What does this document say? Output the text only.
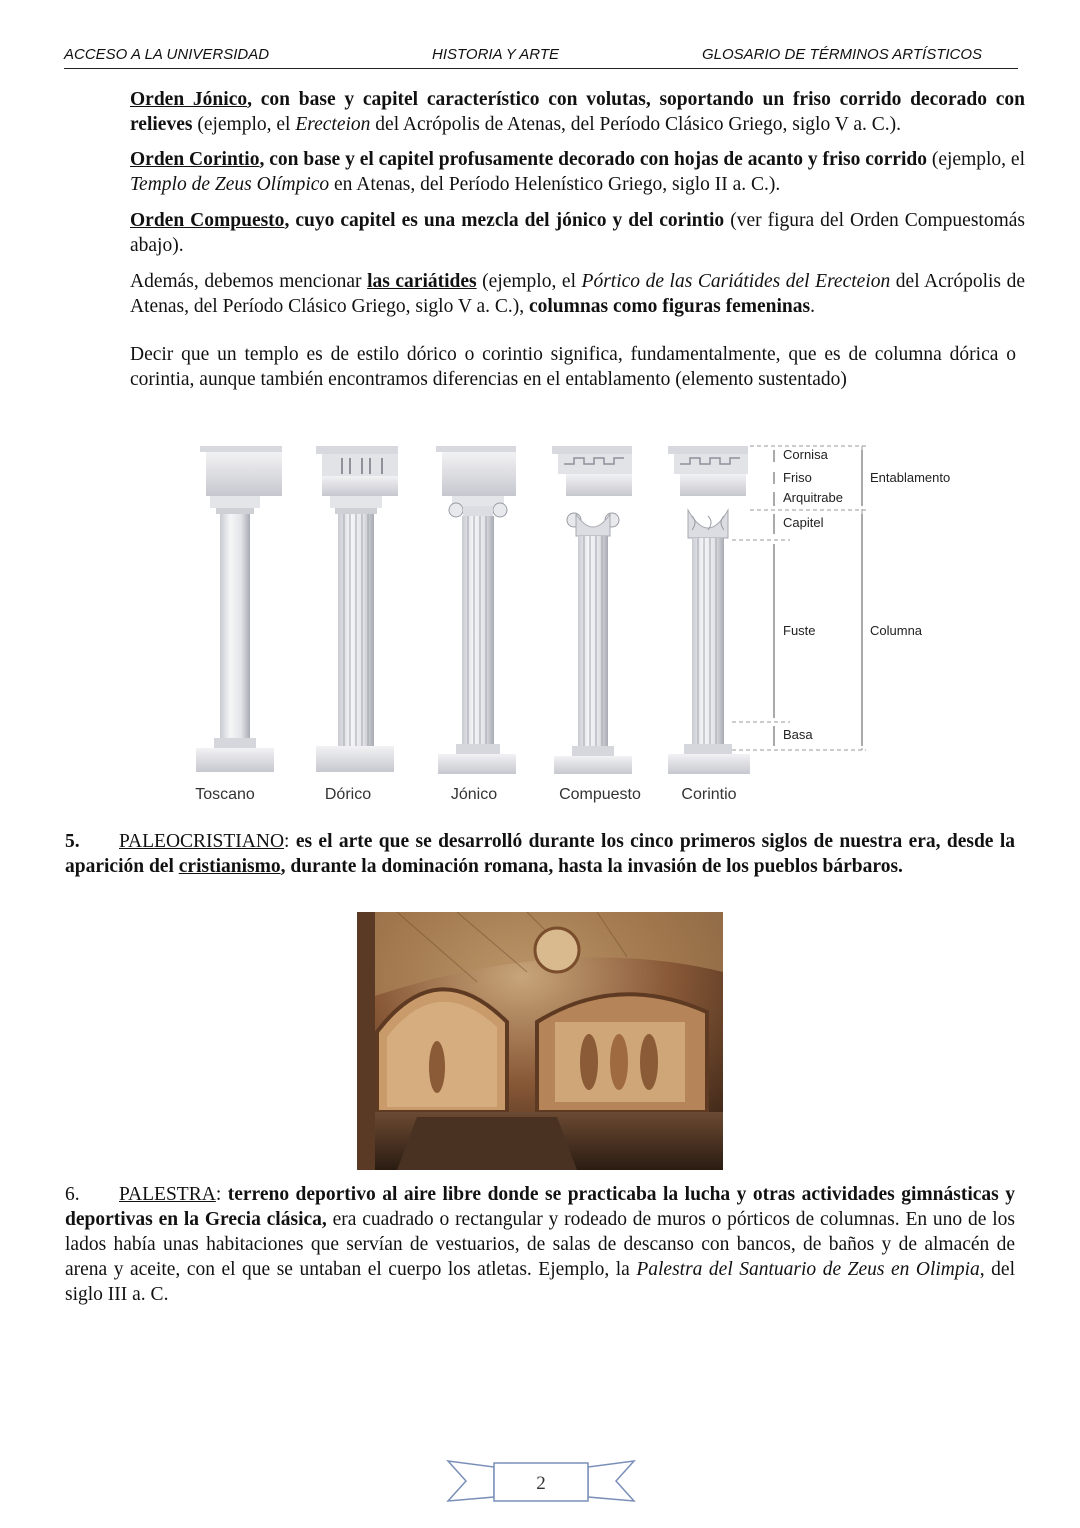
ACCESO A LA UNIVERSIDAD	HISTORIA Y ARTE	GLOSARIO DE TÉRMINOS ARTÍSTICOS
Orden Jónico, con base y capitel característico con volutas, soportando un friso corrido decorado con relieves (ejemplo, el Erecteion del Acrópolis de Atenas, del Período Clásico Griego, siglo V a. C.).
Orden Corintio, con base y el capitel profusamente decorado con hojas de acanto y friso corrido (ejemplo, el Templo de Zeus Olímpico en Atenas, del Período Helenístico Griego, siglo II a. C.).
Orden Compuesto, cuyo capitel es una mezcla del jónico y del corintio (ver figura del Orden Compuestomás abajo).
Además, debemos mencionar las cariátides (ejemplo, el Pórtico de las Cariátides del Erecteion del Acrópolis de Atenas, del Período Clásico Griego, siglo V a. C.), columnas como figuras femeninas.
Decir que un templo es de estilo dórico o corintio significa, fundamentalmente, que es de columna dórica o corintia, aunque también encontramos diferencias en el entablamento (elemento sustentado)
Cornisa
Friso
Arquitrabe
Capitel
Fuste
Basa
Entablamento
Columna
Toscano	Dórico	Jónico	Compuesto	Corintio
5. PALEOCRISTIANO: es el arte que se desarrolló durante los cinco primeros siglos de nuestra era, desde la aparición del cristianismo, durante la dominación romana, hasta la invasión de los pueblos bárbaros.
6. PALESTRA: terreno deportivo al aire libre donde se practicaba la lucha y otras actividades gimnásticas y deportivas en la Grecia clásica, era cuadrado o rectangular y rodeado de muros o pórticos de columnas. En uno de los lados había unas habitaciones que servían de vestuarios, de salas de descanso con bancos, de baños y de almacén de arena y aceite, con el que se untaban el cuerpo los atletas. Ejemplo, la Palestra del Santuario de Zeus en Olimpia, del siglo III a. C.
2
